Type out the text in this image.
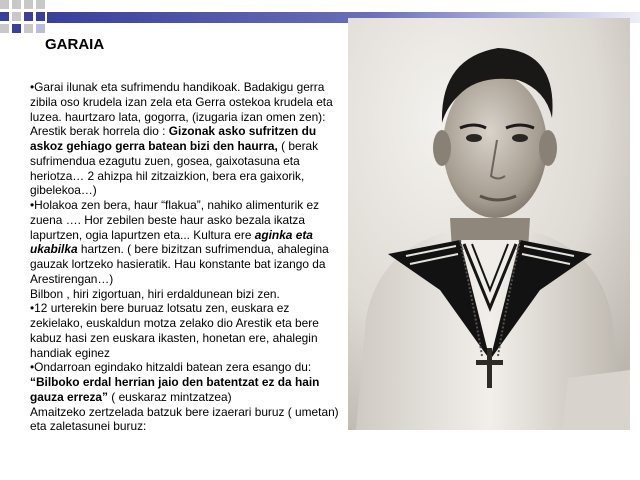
GARAIA

•Garai ilunak eta sufrimendu handikoak. Badakigu gerra zibila oso krudela izan zela eta Gerra ostekoa krudela eta luzea. haurtzaro lata, gogorra, (izugaria izan omen zen): Arestik berak horrela dio : Gizonak asko sufritzen du askoz gehiago gerra batean bizi den haurra, ( berak sufrimendua ezagutu zuen, gosea, gaixotasuna eta heriotza… 2 ahizpa hil zitzaizkion, bera era gaixorik, gibelekoa…)

•Holakoa zen bera, haur “flakua”, nahiko alimenturik ez zuena …. Hor zebilen beste haur asko bezala ikatza lapurtzen, ogia lapurtzen eta... Kultura ere aginka eta ukabilka hartzen. ( bere bizitzan sufrimendua, ahalegina gauzak lortzeko hasieratik. Hau konstante bat izango da Arestirengan…)

Bilbon , hiri zigortuan, hiri erdaldunean bizi zen.

•12 urterekin bere buruaz lotsatu zen, euskara ez zekielako, euskaldun motza zelako dio Arestik eta bere kabuz hasi zen euskara ikasten, honetan ere, ahalegin handiak eginez

•Ondarroan egindako hitzaldi batean zera esango du: “Bilboko erdal herrian jaio den batentzat ez da hain gauza erreza” ( euskaraz mintzatzea)

Amaitzeko zertzelada batzuk bere izaerari buruz ( umetan) eta zaletasunei buruz:
